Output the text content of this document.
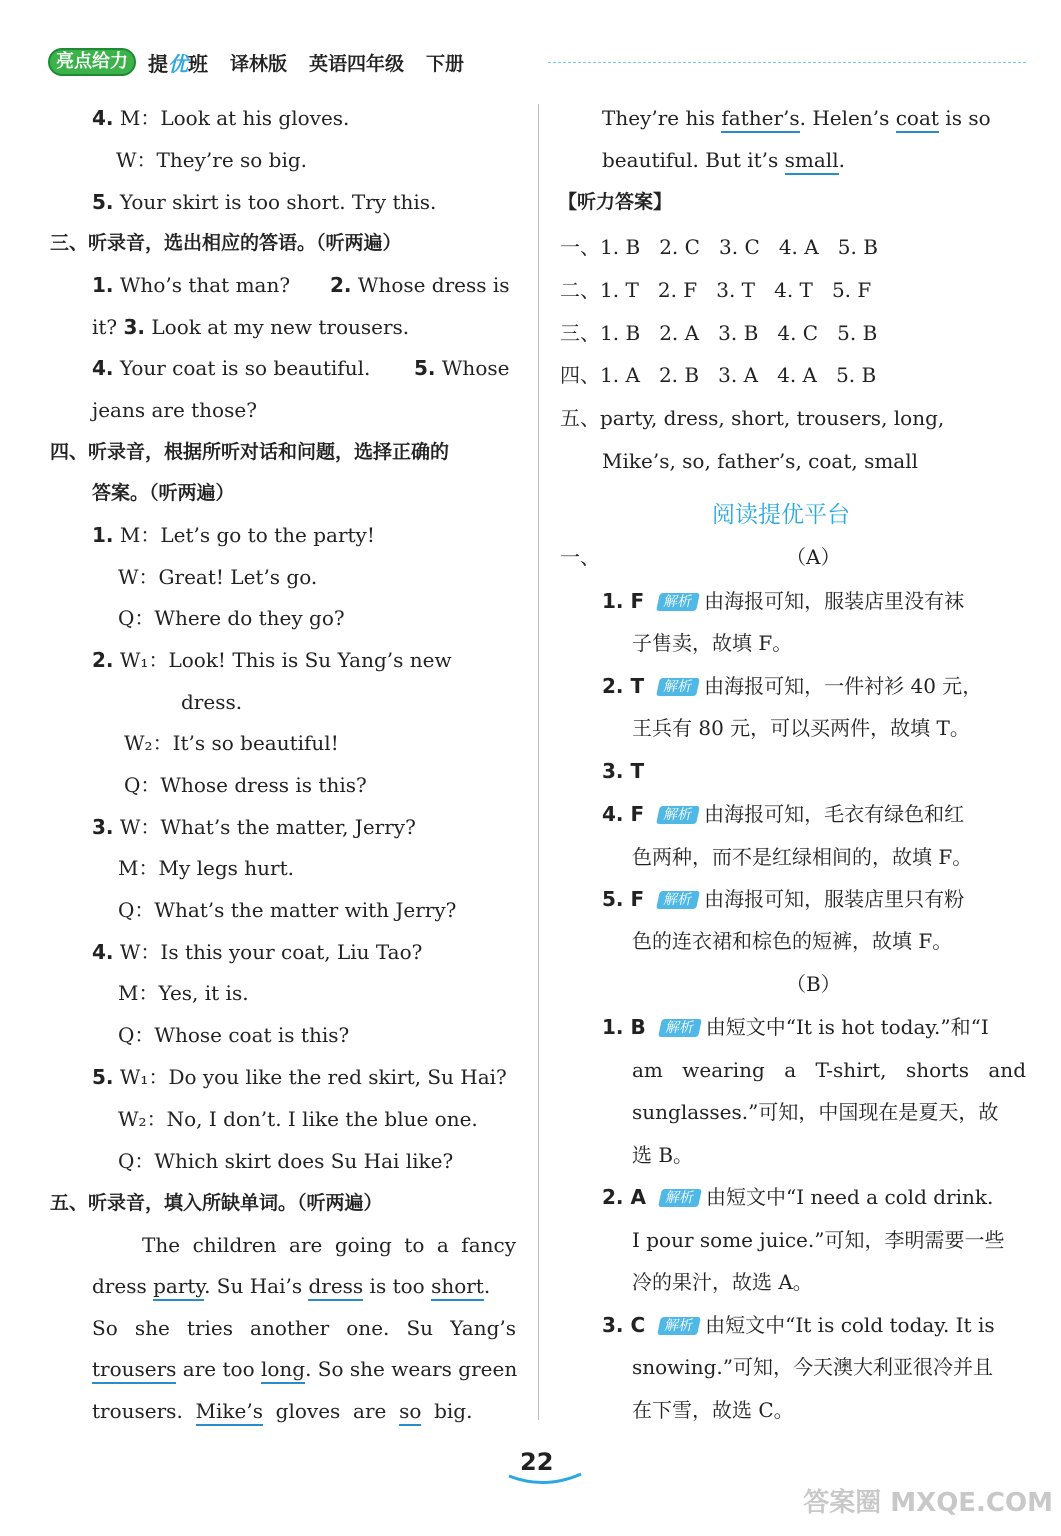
亮点给力	提优班 译林版 英语四年级 下册
4. M：Look at his gloves.
W：They’re so big.
5. Your skirt is too short. Try this.
三、听录音，选出相应的答语。（听两遍）
1. Who’s that man? 2. Whose dress is
it? 3. Look at my new trousers.
4. Your coat is so beautiful. 5. Whose
jeans are those?
四、听录音，根据所听对话和问题，选择正确的
答案。（听两遍）
1. M：Let’s go to the party!
W：Great! Let’s go.
Q：Where do they go?
2. W₁：Look! This is Su Yang’s new
dress.
W₂：It’s so beautiful!
Q：Whose dress is this?
3. W：What’s the matter, Jerry?
M：My legs hurt.
Q：What’s the matter with Jerry?
4. W：Is this your coat, Liu Tao?
M：Yes, it is.
Q：Whose coat is this?
5. W₁：Do you like the red skirt, Su Hai?
W₂：No, I don’t. I like the blue one.
Q：Which skirt does Su Hai like?
五、听录音，填入所缺单词。（听两遍）
The children are going to a fancy
dress party. Su Hai’s dress is too short.
So she tries another one. Su Yang’s
trousers are too long. So she wears green
trousers.  Mike’s  gloves  are  so  big.
They’re his father’s. Helen’s coat is so
beautiful. But it’s small.
【听力答案】
一、1. B   2. C   3. C   4. A   5. B
二、1. T   2. F   3. T   4. T   5. F
三、1. B   2. A   3. B   4. C   5. B
四、1. A   2. B   3. A   4. A   5. B
五、party, dress, short, trousers, long,
Mike’s, so, father’s, coat, small
阅读提优平台
一、	（A）
1. F 解析 由海报可知，服装店里没有袜
子售卖，故填 F。
2. T 解析 由海报可知，一件衬衫 40 元，
王兵有 80 元，可以买两件，故填 T。
3. T
4. F 解析 由海报可知，毛衣有绿色和红
色两种，而不是红绿相间的，故填 F。
5. F 解析 由海报可知，服装店里只有粉
色的连衣裙和棕色的短裤，故填 F。
（B）
1. B 解析 由短文中“It is hot today.”和“I
am wearing a T-shirt, shorts and
sunglasses.”可知，中国现在是夏天，故
选 B。
2. A 解析 由短文中“I need a cold drink.
I pour some juice.”可知，李明需要一些
冷的果汁，故选 A。
3. C 解析 由短文中“It is cold today. It is
snowing.”可知，今天澳大利亚很冷并且
在下雪，故选 C。
22
答案圈 MXQE.COM
